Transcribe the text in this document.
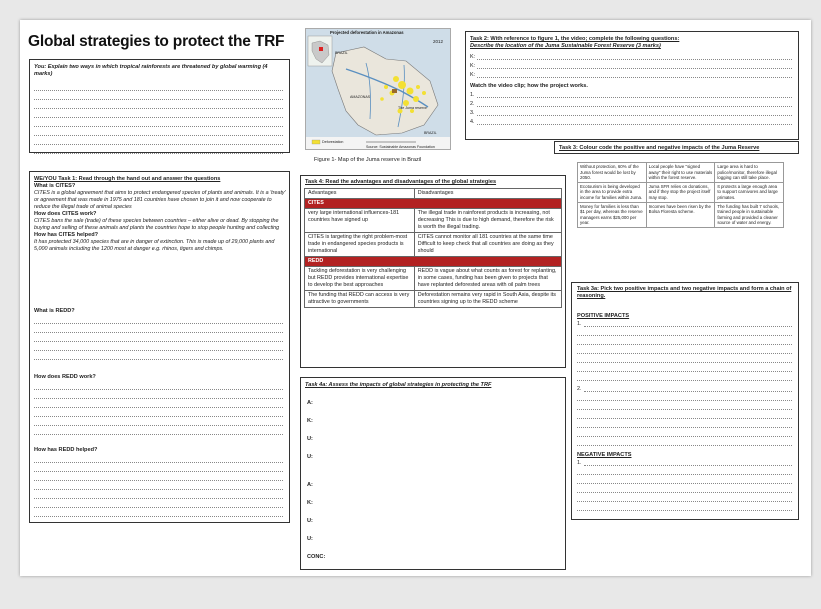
Global strategies to protect the TRF
You: Explain two ways in which tropical rainforests are threatened by global warming (4 marks)
Projected deforestation in Amazonas
2012
BRAZIL
AMAZONAS
The Juma reserve
BRAZIL
Deforestation
Source: Sustainable Amazonas Foundation
Figure 1- Map of the Juma reserve in Brazil
Task 2: With reference to figure 1, the video; complete the following questions:
Describe the location of the Juma Sustainable Forest Reserve (3 marks)
K:
K:
K:
Watch the video clip; how the project works.
1.
2.
3.
4.
WE/YOU Task 1: Read through the hand out and answer the questions
What is CITES?
CITES is a global agreement that aims to protect endangered species of plants and animals. It is a 'treaty' or agreement that was made in 1975 and 181 countries have chosen to join it and now cooperate to reduce the illegal trade of animal species
How does CITES work?
CITES bans the sale (trade) of these species between countries – either alive or dead. By stopping the buying and selling of these animals and plants the countries hope to stop people hunting and collecting
How has CITES helped?
It has protected 34,000 species that are in danger of extinction. This is made up of 29,000 plants and 5,000 animals including the 1200 most at danger e.g. rhinos, tigers and chimps.
What is REDD?
How does REDD work?
How has REDD helped?
Task 4: Read the advantages and disadvantages of the global strategies
Advantages	Disadvantages
CITES	
very large international influences-181 countries have signed up	The illegal trade in rainforest products is increasing, not decreasing This is due to high demand, therefore the risk is worth the illegal trading.
CITES is targeting the right problem-most trade in endangered species products is international	CITES cannot monitor all 181 countries at the same time Difficult to keep check that all countries are doing as they should
REDD	
Tackling deforestation is very challenging but REDD provides international expertise to develop the best approaches	REDD is vague about what counts as forest for replanting, in some cases, funding has been given to projects that have replanted deforested areas with oil palm trees
The funding that REDD can access is very attractive to governments	Deforestation remains very rapid in South Asia, despite its countries signing up to the REDD scheme
Task 4a: Assess the impacts of global strategies in protecting the TRF
A:
K:
U:
U:
A:
K:
U:
U:
CONC:
Task 3: Colour code the positive and negative impacts of the Juma Reserve
Without protection, 60% of the Juma forest would be lost by 2050.	Local people have "signed away" their right to use materials within the forest reserve.	Large area is hard to police/monitor, therefore illegal logging can still take place.
Ecotourism is being developed in the area to provide extra income for families within Juma.	Juma SFR relies on donations, and if they stop the project itself may stop.	It protects a large enough area to support carnivores and large primates.
Money for families is less than $1 per day, whereas the reserve managers earns $25,000 per year.	Incomes have been risen by the Bolsa Floresta scheme.	The funding has built 7 schools, trained people in sustainable farming and provided a cleaner source of water and energy.
Task 3a: Pick two positive impacts and two negative impacts and form a chain of reasoning.
POSITIVE IMPACTS
1.
2.
NEGATIVE IMPACTS
1.
